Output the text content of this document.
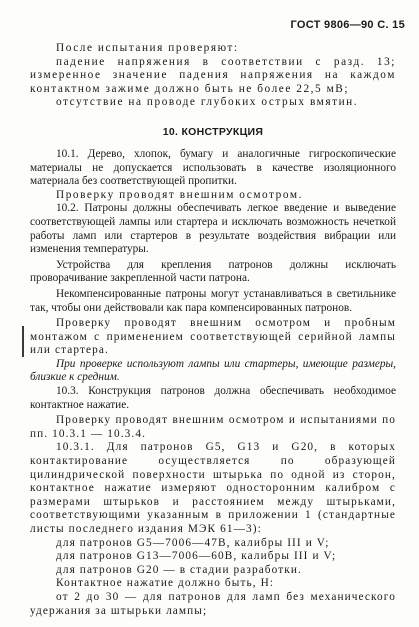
ГОСТ 9806—90 С. 15

После испытания проверяют:

падение напряжения в соответствии с разд. 13; измеренное значение падения напряжения на каждом контактном зажиме должно быть не более 22,5 мВ;

отсутствие на проводе глубоких острых вмятин.

10. КОНСТРУКЦИЯ

10.1. Дерево, хлопок, бумагу и аналогичные гигроскопические материалы не допускается использовать в качестве изоляционного материала без соответствующей пропитки.

Проверку проводят внешним осмотром.

10.2. Патроны должны обеспечивать легкое введение и выведение соответствующей лампы или стартера и исключать возможность нечеткой работы ламп или стартеров в результате воздействия вибрации или изменения температуры.

Устройства для крепления патронов должны исключать проворачивание закрепленной части патрона.

Некомпенсированные патроны могут устанавливаться в светильнике так, чтобы они действовали как пара компенсированных патронов.

Проверку проводят внешним осмотром и пробным монтажом с применением соответствующей серийной лампы или стартера.

При проверке используют лампы или стартеры, имеющие размеры, близкие к средним.

10.3. Конструкция патронов должна обеспечивать необходимое контактное нажатие.

Проверку проводят внешним осмотром и испытаниями по пп. 10.3.1 — 10.3.4.

10.3.1. Для патронов G5, G13 и G20, в которых контактирование осуществляется по образующей цилиндрической поверхности штырька по одной из сторон, контактное нажатие измеряют односторонним калибром с размерами штырьков и расстоянием между штырьками, соответствующими указанным в приложении 1 (стандартные листы последнего издания МЭК 61—3):

для патронов G5—7006—47В, калибры III и V;

для патронов G13—7006—60В, калибры III и V;

для патронов G20 — в стадии разработки.

Контактное нажатие должно быть, Н:

от 2 до 30 — для патронов для ламп без механического удержания за штырьки лампы;
